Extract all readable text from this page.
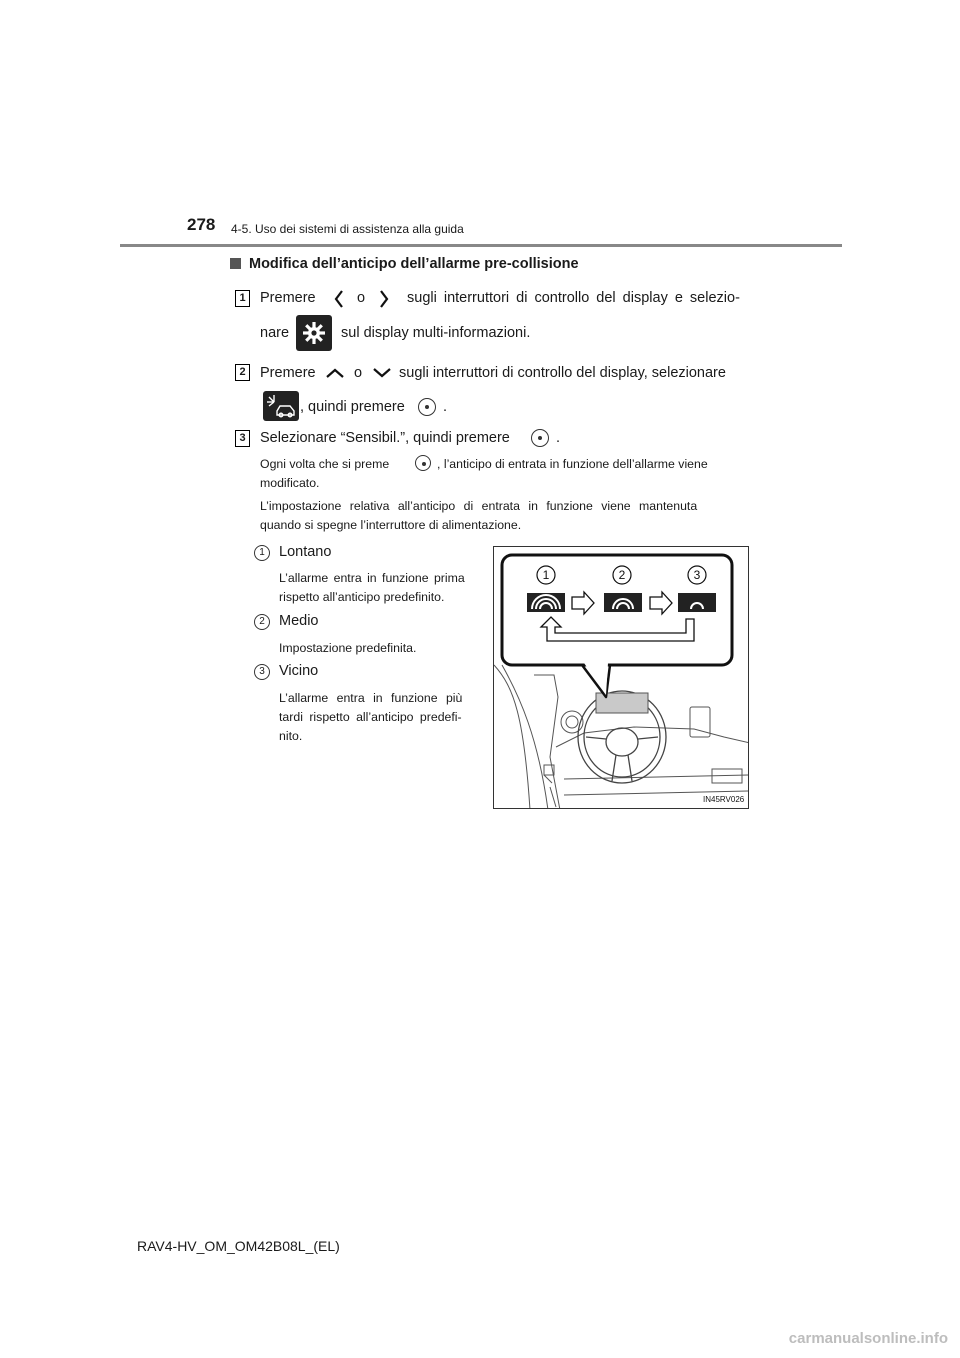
278 4-5. Uso dei sistemi di assistenza alla guida
Modifica dell’anticipo dell’allarme pre-collisione
1 Premere	o	sugli interruttori di controllo del display e selezio-
nare	sul display multi-informazioni.
2 Premere	o	sugli interruttori di controllo del display, selezionare
, quindi premere	.
3 Selezionare “Sensibil.”, quindi premere	.
Ogni volta che si preme	, l’anticipo di entrata in funzione dell’allarme viene
modificato.
L’impostazione relativa all’anticipo di entrata in funzione viene mantenuta
quando si spegne l’interruttore di alimentazione.
1 Lontano
L’allarme entra in funzione prima
rispetto all’anticipo predefinito.
2 Medio
Impostazione predefinita.
3 Vicino
L’allarme entra in funzione più
tardi rispetto all’anticipo predefi-
nito.
1	2	3
IN45RV026
RAV4-HV_OM_OM42B08L_(EL)
carmanualsonline.info
